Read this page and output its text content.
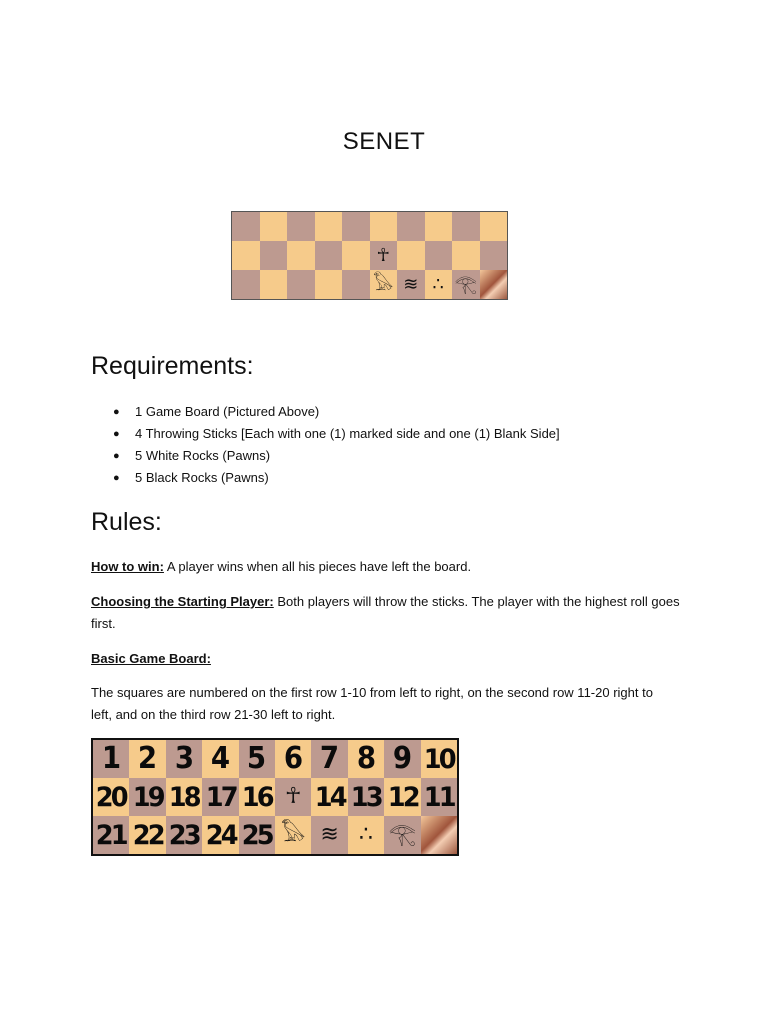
SENET
☥
𓅃 ≋ ∴ 𓂀
Requirements:
● 1 Game Board (Pictured Above)
● 4 Throwing Sticks [Each with one (1) marked side and one (1) Blank Side]
● 5 White Rocks (Pawns)
● 5 Black Rocks (Pawns)
Rules:
How to win: A player wins when all his pieces have left the board.
Choosing the Starting Player: Both players will throw the sticks. The player with the highest roll goes first.
Basic Game Board:
The squares are numbered on the first row 1-10 from left to right, on the second row 11-20 right to left, and on the third row 21-30 left to right.
1 2 3 4 5 6 7 8 9 10
20 19 18 17 16 ☥ 14 13 12 11
21 22 23 24 25 𓅃 ≋ ∴ 𓂀
